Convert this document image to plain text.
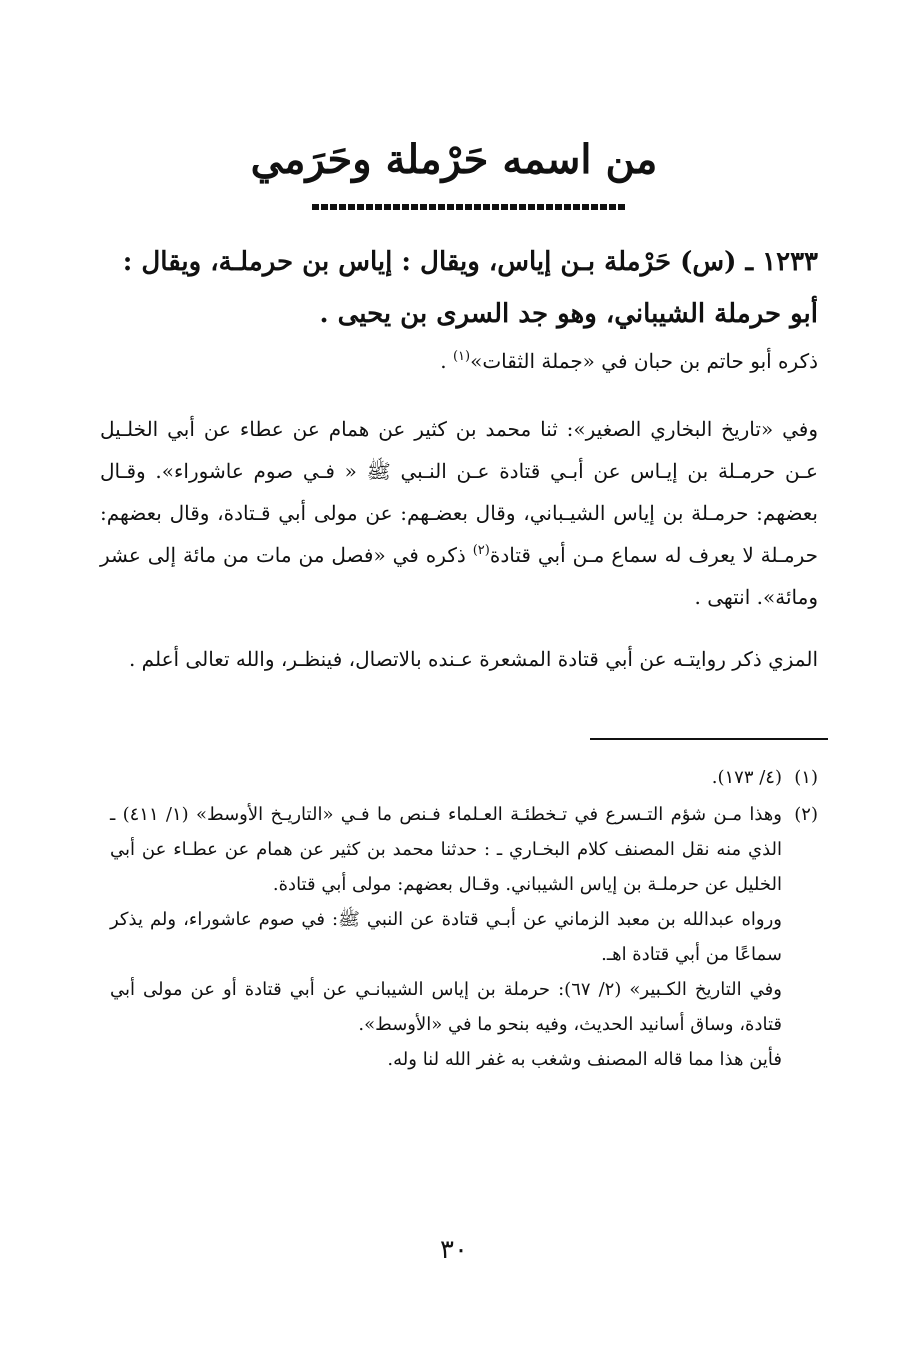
من اسمه حَرْملة وحَرَمي
١٢٣٣ ـ (س) حَرْملة بـن إياس، ويقال : إياس بن حرملـة، ويقال : أبو حرملة الشيباني، وهو جد السرى بن يحيى .
ذكره أبو حاتم بن حبان في «جملة الثقات»$^{(١)}$ .
وفي «تاريخ البخاري الصغير»: ثنا محمد بن كثير عن همام عن عطاء عن أبي الخلـيل عـن حرمـلة بن إيـاس عن أبـي قتادة عـن النـبي ﷺ « فـي صوم عاشوراء». وقـال بعضهم: حرمـلة بن إياس الشيـباني، وقال بعضـهم: عن مولى أبي قـتادة، وقال بعضهم: حرمـلة لا يعرف له سماع مـن أبي قتادة$^{(٢)}$ ذكره في «فصل من مات من مائة إلى عشر ومائة». انتهى .
المزي ذكر روايتـه عن أبي قتادة المشعرة عـنده بالاتصال، فينظـر، والله تعالى أعلم .
(١)

(٤/ ١٧٣).

(٢)

وهذا مـن شؤم التـسرع في تـخطئـة العـلماء فـنص ما فـي «التاريـخ الأوسط» (١/ ٤١١) ـ الذي منه نقل المصنف كلام البخـاري ـ : حدثنا محمد بن كثير عن همام عن عطـاء عن أبي الخليل عن حرملـة بن إياس الشيباني. وقـال بعضهم: مولى أبي قتادة.

ورواه عبدالله بن معبد الزماني عن أبـي قتادة عن النبي ﷺ: في صوم عاشوراء، ولم يذكر سماعًا من أبي قتادة اهـ.

وفي التاريخ الكـبير» (٢/ ٦٧): حرملة بن إياس الشيبانـي عن أبي قتادة أو عن مولى أبي قتادة، وساق أسانيد الحديث، وفيه بنحو ما في «الأوسط».

فأين هذا مما قاله المصنف وشغب به غفر الله لنا وله.

٣٠
